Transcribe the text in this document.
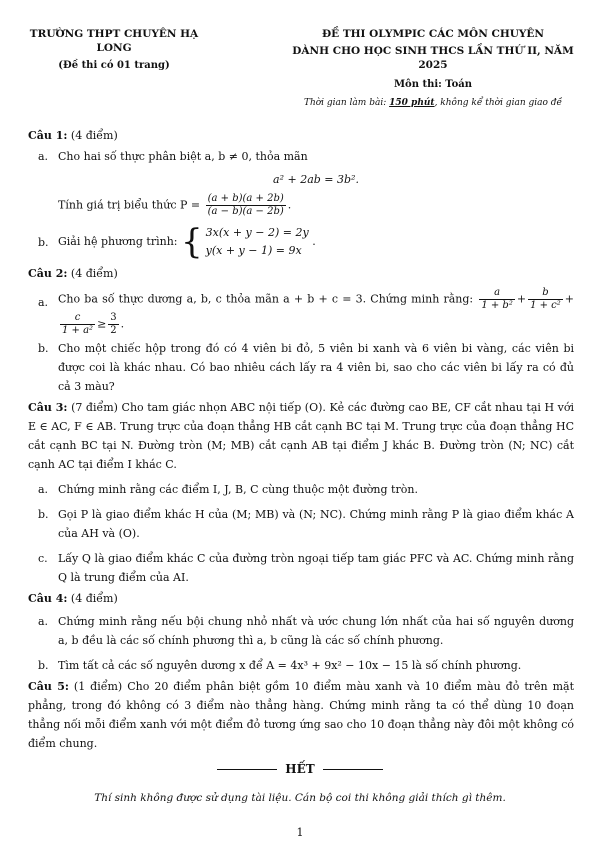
TRƯỜNG THPT CHUYÊN HẠ LONG
(Đề thi có 01 trang)
ĐỀ THI OLYMPIC CÁC MÔN CHUYÊN
DÀNH CHO HỌC SINH THCS LẦN THỨ II, NĂM 2025
Môn thi: Toán
Thời gian làm bài: 150 phút, không kể thời gian giao đề
Câu 1: (4 điểm)
a. Cho hai số thực phân biệt a, b ≠ 0, thỏa mãn
a² + 2ab = 3b².
Tính giá trị biểu thức $P = \frac{(a + b)(a + 2b)}{(a - b)(a - 2b)}$ .
b. Giải hệ phương trình: { 3x(x + y − 2) = 2y
y(x + y − 1) = 9x
.
Câu 2: (4 điểm)
a. Cho ba số thực dương a, b, c thỏa mãn a + b + c = 3. Chứng minh rằng: $\frac{a}{\text{1 + b²}} + \frac{b}{\text{1 + c²}}$ +
$\frac{c}{\text{1 + a²}} \ge \frac{3}{2}$ .
b. Cho một chiếc hộp trong đó có 4 viên bi đỏ, 5 viên bi xanh và 6 viên bi vàng, các viên bi được coi là khác nhau. Có bao nhiêu cách lấy ra 4 viên bi, sao cho các viên bi lấy ra có đủ cả 3 màu?
Câu 3: (7 điểm) Cho tam giác nhọn ABC nội tiếp (O). Kẻ các đường cao BE, CF cắt nhau tại H với E ∈ AC, F ∈ AB. Trung trực của đoạn thẳng HB cắt cạnh BC tại M. Trung trực của đoạn thẳng HC cắt cạnh BC tại N. Đường tròn (M; MB) cắt cạnh AB tại điểm J khác B. Đường tròn (N; NC) cắt cạnh AC tại điểm I khác C.
a. Chứng minh rằng các điểm I, J, B, C cùng thuộc một đường tròn.
b. Gọi P là giao điểm khác H của (M; MB) và (N; NC). Chứng minh rằng P là giao điểm khác A của AH và (O).
c. Lấy Q là giao điểm khác C của đường tròn ngoại tiếp tam giác PFC và AC. Chứng minh rằng Q là trung điểm của AI.
Câu 4: (4 điểm)
a. Chứng minh rằng nếu bội chung nhỏ nhất và ước chung lớn nhất của hai số nguyên dương a, b đều là các số chính phương thì a, b cũng là các số chính phương.
b. Tìm tất cả các số nguyên dương x để A = 4x³ + 9x² − 10x − 15 là số chính phương.
Câu 5: (1 điểm) Cho 20 điểm phân biệt gồm 10 điểm màu xanh và 10 điểm màu đỏ trên mặt phẳng, trong đó không có 3 điểm nào thẳng hàng. Chứng minh rằng ta có thể dùng 10 đoạn thẳng nối mỗi điểm xanh với một điểm đỏ tương ứng sao cho 10 đoạn thẳng này đôi một không có điểm chung.
HẾT
Thí sinh không được sử dụng tài liệu. Cán bộ coi thi không giải thích gì thêm.
1
